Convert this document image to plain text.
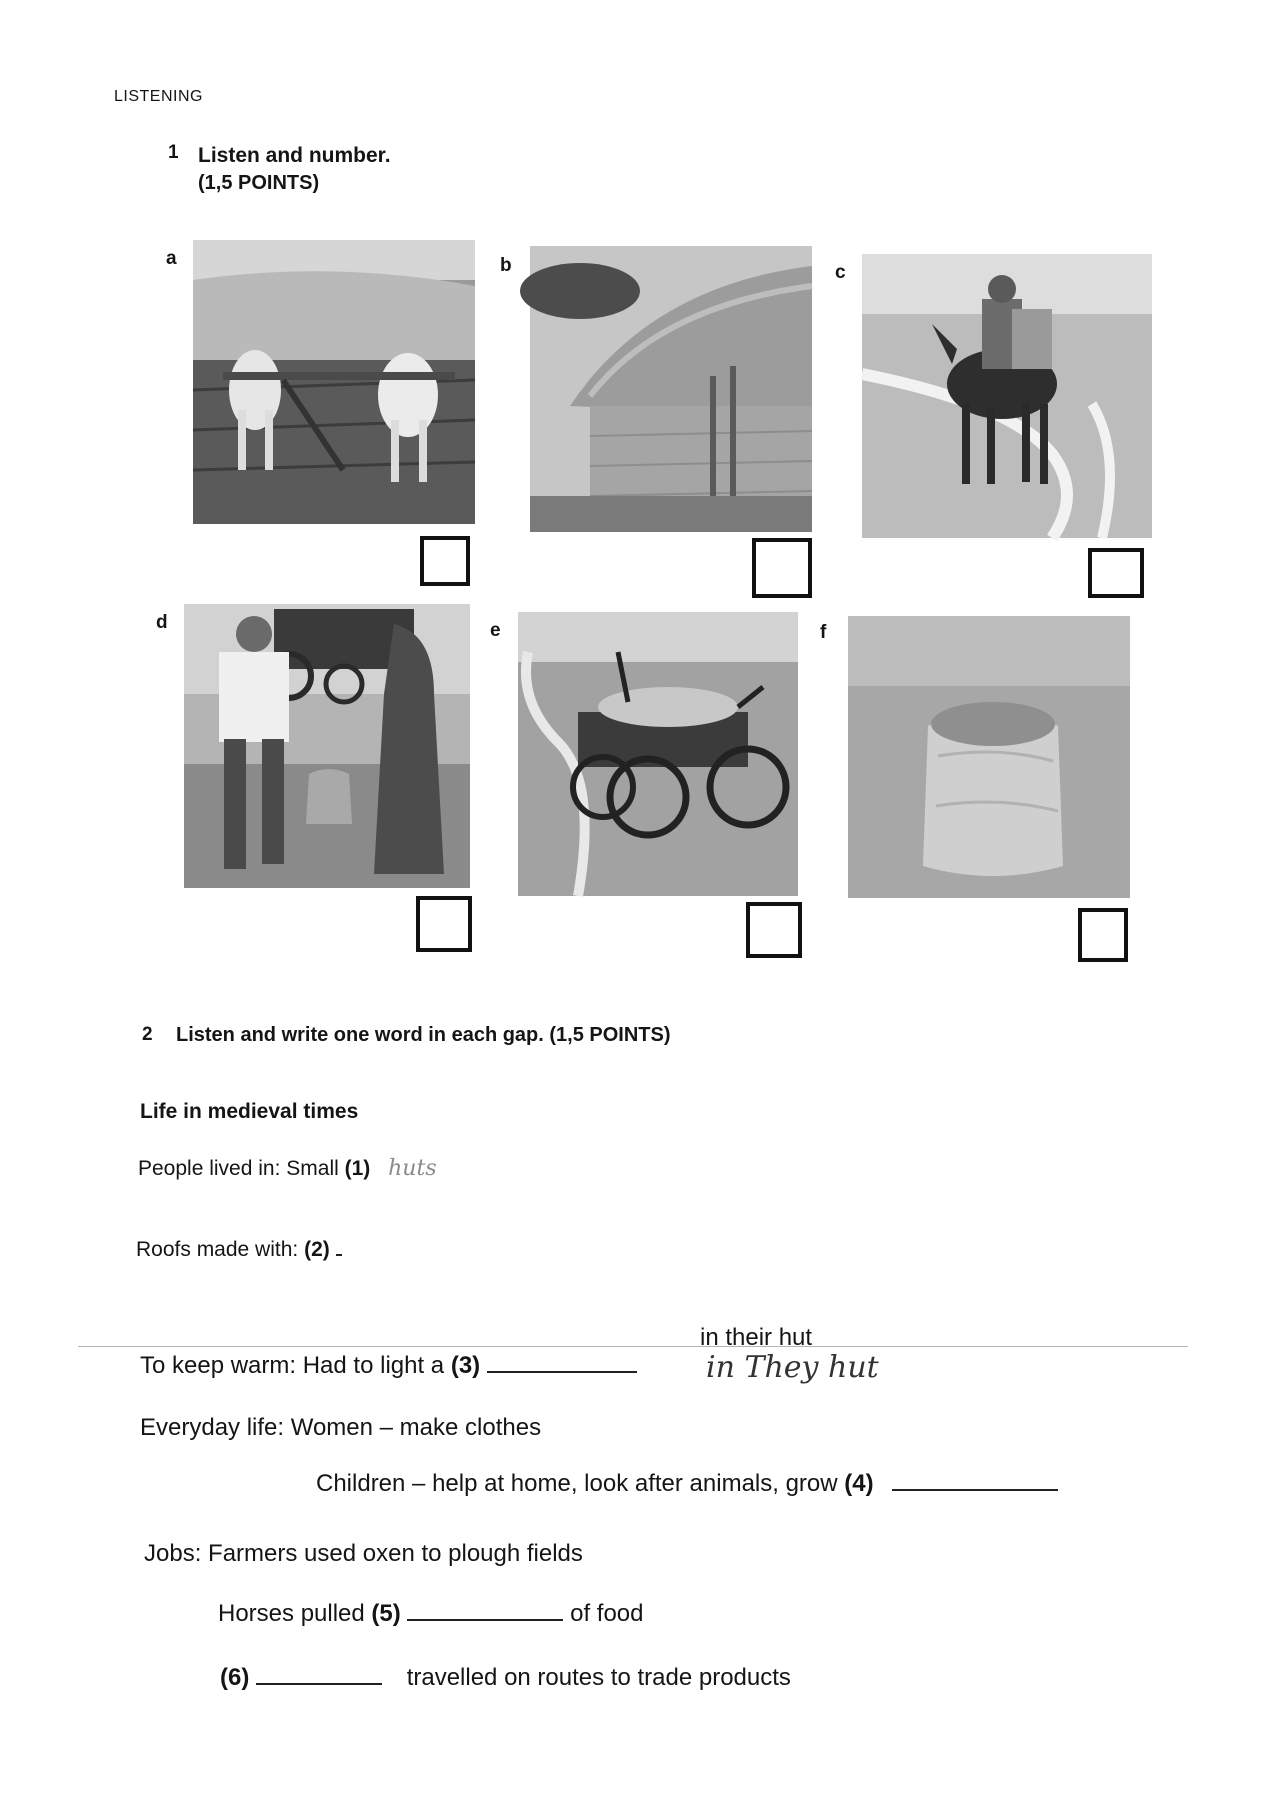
LISTENING
1 Listen and number.
(1,5 POINTS)
a	b	c
d	e	f
2 Listen and write one word in each gap. (1,5 POINTS)
Life in medieval times
People lived in: Small (1) huts
Roofs made with: (2)
To keep warm: Had to light a (3)
in their hut
in They hut
Everyday life: Women – make clothes
Children – help at home, look after animals, grow (4)
Jobs: Farmers used oxen to plough fields
Horses pulled (5)	of food
(6)	travelled on routes to trade products
